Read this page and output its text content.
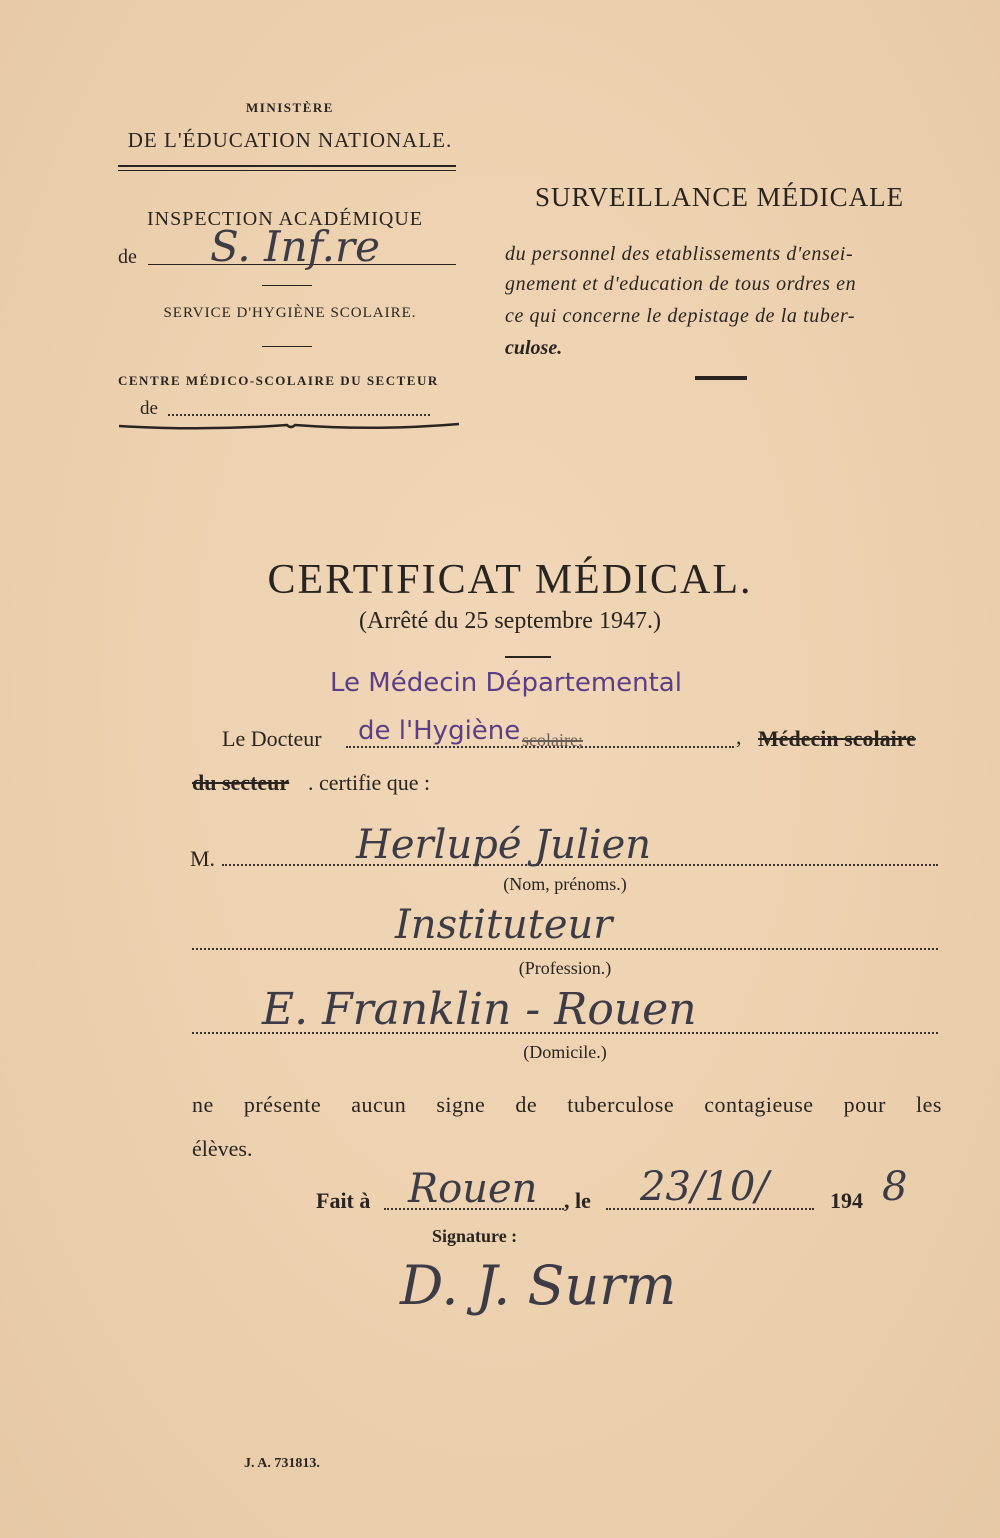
MINISTÈRE
DE L'ÉDUCATION NATIONALE.
INSPECTION ACADÉMIQUE
de S. Inf.re
SERVICE D'HYGIÈNE SCOLAIRE.
CENTRE MÉDICO-SCOLAIRE DU SECTEUR
de
SURVEILLANCE MÉDICALE
du personnel des etablissements d'ensei-
gnement et d'education de tous ordres en
ce qui concerne le depistage de la tuber-
culose.
CERTIFICAT MÉDICAL.
(Arrêté du 25 septembre 1947.)
Le Médecin Départemental
Le Docteur de l'Hygiène scolaire;	, Médecin scolaire
du secteur . certifie que :
M.	Herlupé Julien
(Nom, prénoms.)
Instituteur
(Profession.)
E. Franklin - Rouen
(Domicile.)
ne présente aucun signe de tuberculose contagieuse pour les
élèves.
Fait à Rouen , le 23/10/	194 8
Signature :
D. J. Surm
J. A. 731813.
